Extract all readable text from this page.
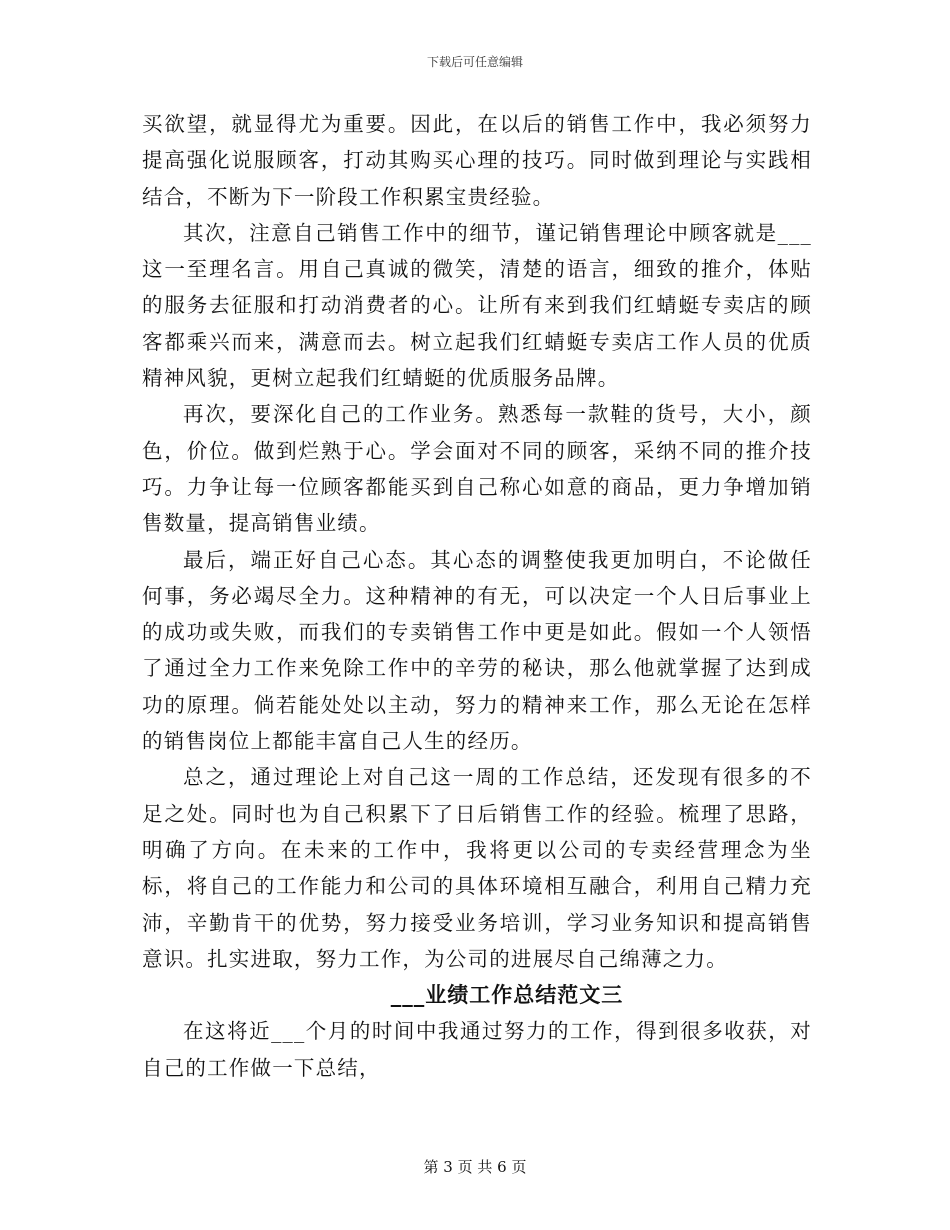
下载后可任意编辑

买欲望，就显得尤为重要。因此，在以后的销售工作中，我必须努力提高强化说服顾客，打动其购买心理的技巧。同时做到理论与实践相结合，不断为下一阶段工作积累宝贵经验。

其次，注意自己销售工作中的细节，谨记销售理论中顾客就是___这一至理名言。用自己真诚的微笑，清楚的语言，细致的推介，体贴的服务去征服和打动消费者的心。让所有来到我们红蜻蜓专卖店的顾客都乘兴而来，满意而去。树立起我们红蜻蜓专卖店工作人员的优质精神风貌，更树立起我们红蜻蜓的优质服务品牌。

再次，要深化自己的工作业务。熟悉每一款鞋的货号，大小，颜色，价位。做到烂熟于心。学会面对不同的顾客，采纳不同的推介技巧。力争让每一位顾客都能买到自己称心如意的商品，更力争增加销售数量，提高销售业绩。

最后，端正好自己心态。其心态的调整使我更加明白，不论做任何事，务必竭尽全力。这种精神的有无，可以决定一个人日后事业上的成功或失败，而我们的专卖销售工作中更是如此。假如一个人领悟了通过全力工作来免除工作中的辛劳的秘诀，那么他就掌握了达到成功的原理。倘若能处处以主动，努力的精神来工作，那么无论在怎样的销售岗位上都能丰富自己人生的经历。

总之，通过理论上对自己这一周的工作总结，还发现有很多的不足之处。同时也为自己积累下了日后销售工作的经验。梳理了思路，明确了方向。在未来的工作中，我将更以公司的专卖经营理念为坐标，将自己的工作能力和公司的具体环境相互融合，利用自己精力充沛，辛勤肯干的优势，努力接受业务培训，学习业务知识和提高销售意识。扎实进取，努力工作，为公司的进展尽自己绵薄之力。

___业绩工作总结范文三

在这将近___个月的时间中我通过努力的工作，得到很多收获，对自己的工作做一下总结，

第 3 页 共 6 页
